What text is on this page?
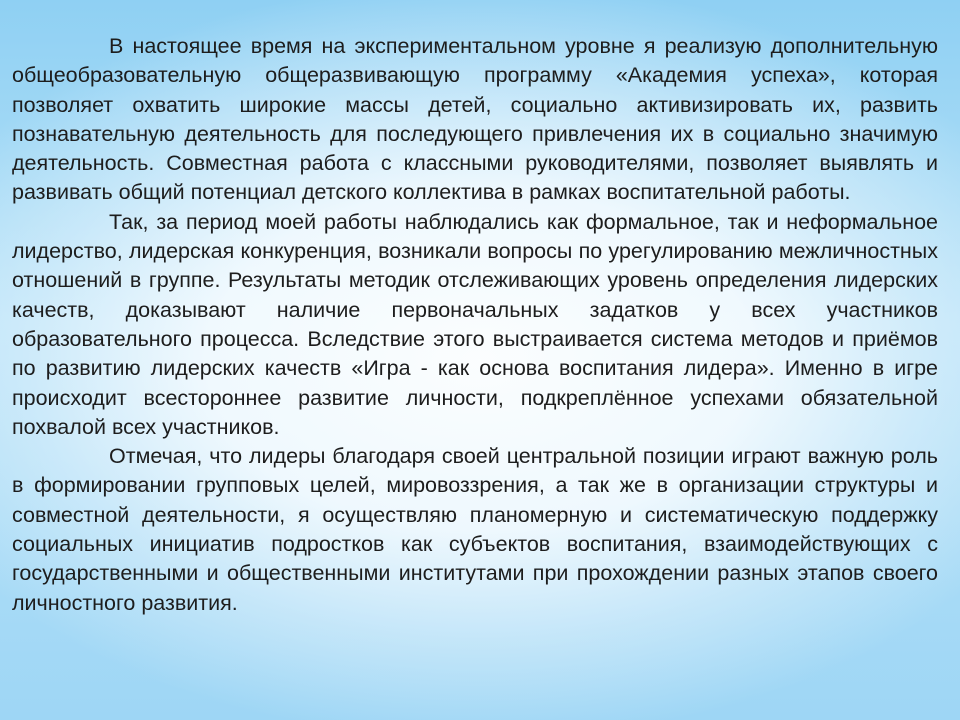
В настоящее время на экспериментальном уровне я реализую дополнительную общеобразовательную общеразвивающую программу «Академия успеха», которая позволяет охватить широкие массы детей, социально активизировать их, развить познавательную деятельность для последующего привлечения их в социально значимую деятельность. Совместная работа с классными руководителями, позволяет выявлять и развивать общий потенциал детского коллектива в рамках воспитательной работы.

Так, за период моей работы наблюдались как формальное, так и неформальное лидерство, лидерская конкуренция, возникали вопросы по урегулированию межличностных отношений в группе. Результаты методик отслеживающих уровень определения лидерских качеств, доказывают наличие первоначальных задатков у всех участников образовательного процесса. Вследствие этого выстраивается система методов и приёмов по развитию лидерских качеств «Игра - как основа воспитания лидера». Именно в игре происходит всестороннее развитие личности, подкреплённое успехами обязательной похвалой всех участников.

Отмечая, что лидеры благодаря своей центральной позиции играют важную роль в формировании групповых целей, мировоззрения, а так же в организации структуры и совместной деятельности, я осуществляю планомерную и систематическую поддержку социальных инициатив подростков как субъектов воспитания, взаимодействующих с государственными и общественными институтами при прохождении разных этапов своего личностного развития.
